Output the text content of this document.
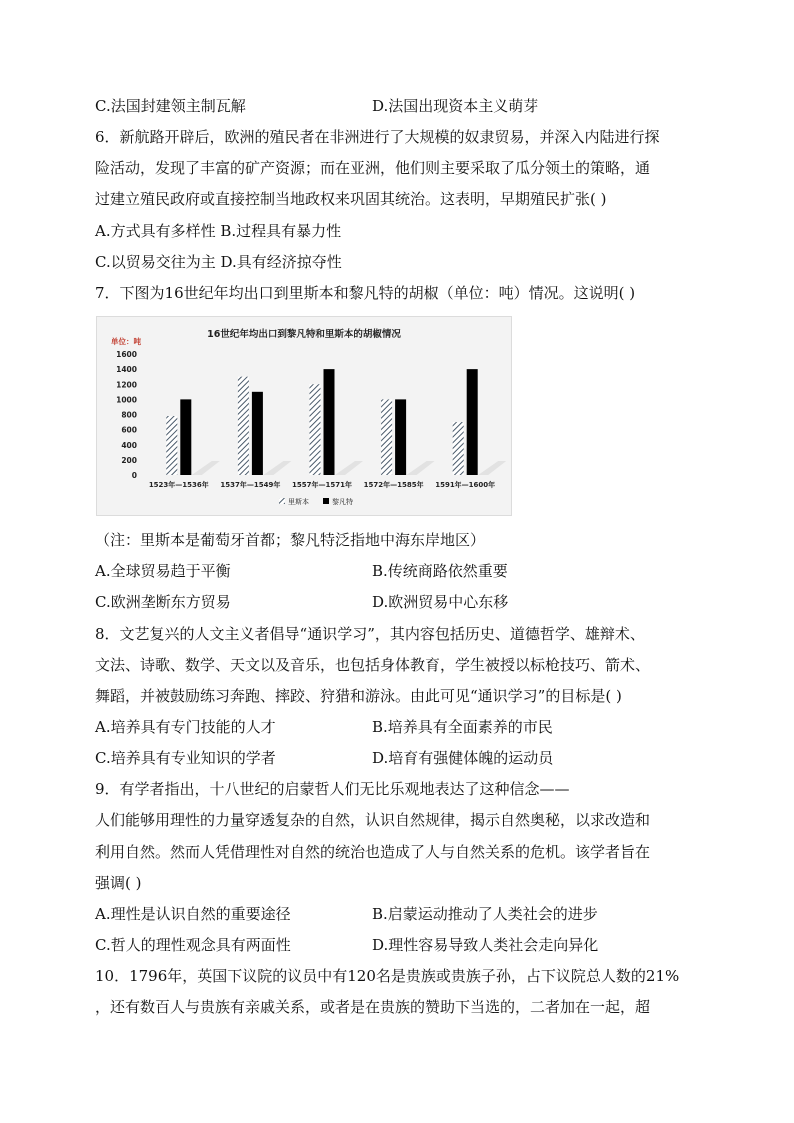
C.法国封建领主制瓦解	D.法国出现资本主义萌芽
6．新航路开辟后，欧洲的殖民者在非洲进行了大规模的奴隶贸易，并深入内陆进行探
险活动，发现了丰富的矿产资源；而在亚洲，他们则主要采取了瓜分领土的策略，通
过建立殖民政府或直接控制当地政权来巩固其统治。这表明，早期殖民扩张( )
A.方式具有多样性 B.过程具有暴力性
C.以贸易交往为主 D.具有经济掠夺性
7．下图为16世纪年均出口到里斯本和黎凡特的胡椒（单位：吨）情况。这说明( )
16世纪年均出口到黎凡特和里斯本的胡椒情况
单位：吨
0
200
400
600
800
1000
1200
1400
1600
1523年—1536年 1537年—1549年 1557年—1571年 1572年—1585年 1591年—1600年
里斯本	黎凡特
（注：里斯本是葡萄牙首都；黎凡特泛指地中海东岸地区）
A.全球贸易趋于平衡	B.传统商路依然重要
C.欧洲垄断东方贸易	D.欧洲贸易中心东移
8．文艺复兴的人文主义者倡导“通识学习”，其内容包括历史、道德哲学、雄辩术、
文法、诗歌、数学、天文以及音乐，也包括身体教育，学生被授以标枪技巧、箭术、
舞蹈，并被鼓励练习奔跑、摔跤、狩猎和游泳。由此可见“通识学习”的目标是( )
A.培养具有专门技能的人才	B.培养具有全面素养的市民
C.培养具有专业知识的学者	D.培育有强健体魄的运动员
9．有学者指出，十八世纪的启蒙哲人们无比乐观地表达了这种信念——
人们能够用理性的力量穿透复杂的自然，认识自然规律，揭示自然奥秘，以求改造和
利用自然。然而人凭借理性对自然的统治也造成了人与自然关系的危机。该学者旨在
强调( )
A.理性是认识自然的重要途径	B.启蒙运动推动了人类社会的进步
C.哲人的理性观念具有两面性	D.理性容易导致人类社会走向异化
10．1796年，英国下议院的议员中有120名是贵族或贵族子孙，占下议院总人数的21%
，还有数百人与贵族有亲戚关系，或者是在贵族的赞助下当选的，二者加在一起，超
